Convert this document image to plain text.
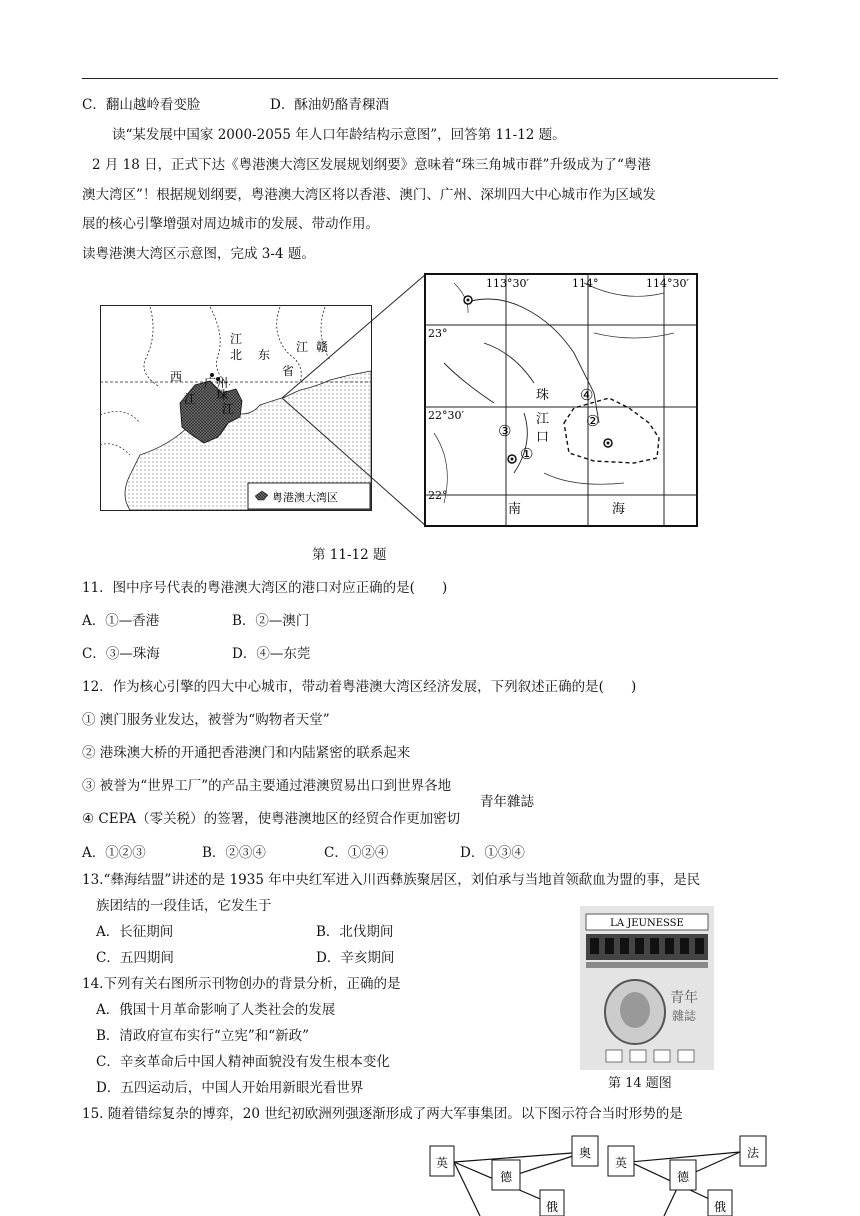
C．翻山越岭看变脸	D．酥油奶酪青稞酒
读“某发展中国家 2000-2055 年人口年龄结构示意图”，回答第 11-12 题。
2 月 18 日，正式下达《粤港澳大湾区发展规划纲要》意味着“珠三角城市群”升级成为了“粤港
澳大湾区”！根据规划纲要，粤港澳大湾区将以香港、澳门、广州、深圳四大中心城市作为区域发
展的核心引擎增强对周边城市的发展、带动作用。
读粤港澳大湾区示意图，完成 3-4 题。
江
北 东
江 赣
西 广州
省
江 珠
江
粤港澳大湾区
113°30′	114°	114°30′
23°
22°30′
22°
珠
江
口
南	海
①
②
③
④
第 11-12 题
11．图中序号代表的粤港澳大湾区的港口对应正确的是(　　)
A．①—香港	B．②—澳门
C．③—珠海	D．④—东莞
12．作为核心引擎的四大中心城市，带动着粤港澳大湾区经济发展，下列叙述正确的是(　　)
① 澳门服务业发达，被誉为“购物者天堂”
② 港珠澳大桥的开通把香港澳门和内陆紧密的联系起来
③ 被誉为“世界工厂”的产品主要通过港澳贸易出口到世界各地
④ CEPA（零关税）的签署，使粤港澳地区的经贸合作更加密切
A．①②③	B．②③④	C．①②④	D．①③④
13.“彝海结盟”讲述的是 1935 年中央红军进入川西彝族聚居区，刘伯承与当地首领歃血为盟的事，是民
族团结的一段佳话，它发生于
A．长征期间	B．北伐期间
C．五四期间	D．辛亥期间
14.下列有关右图所示刊物创办的背景分析，正确的是
A．俄国十月革命影响了人类社会的发展
B．清政府宣布实行“立宪”和“新政”
C．辛亥革命后中国人精神面貌没有发生根本变化
D．五四运动后，中国人开始用新眼光看世界
LA JEUNESSE
青年
雜誌
青年雜誌
第 14 题图
15. 随着错综复杂的博弈，20 世纪初欧洲列强逐渐形成了两大军事集团。以下图示符合当时形势的是
英
德
奥
俄
英
德
法
俄
